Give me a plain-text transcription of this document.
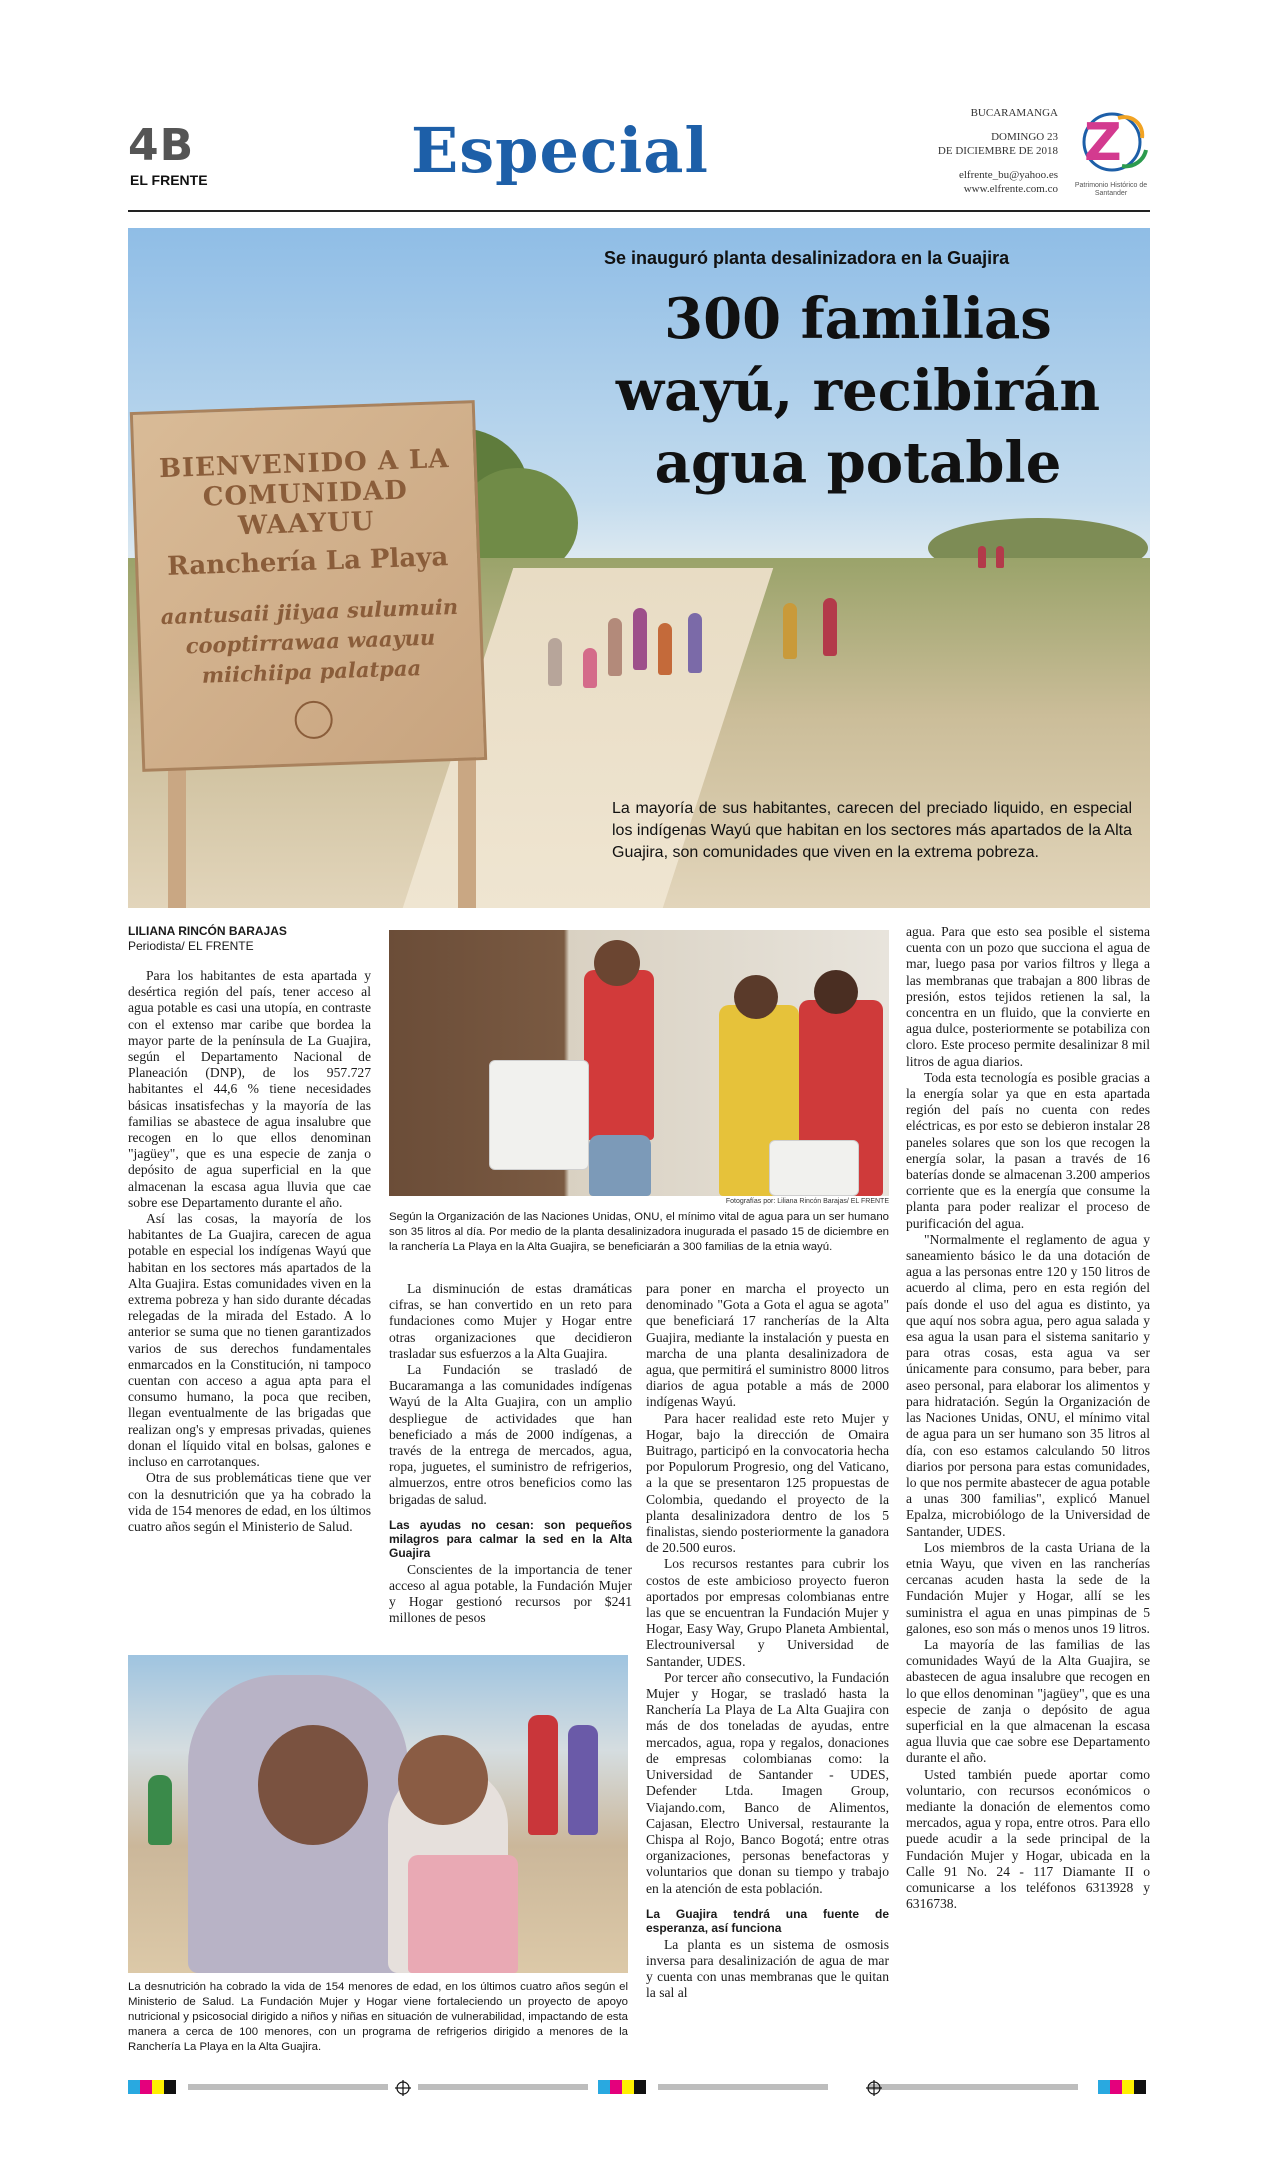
4B
EL FRENTE	Especial
BUCARAMANGA
DOMINGO 23
DE DICIEMBRE DE 2018
elfrente_bu@yahoo.es
www.elfrente.com.co
Z
Patrimonio Histórico de Santander
BIENVENIDO A LA
COMUNIDAD WAAYUU
Ranchería La Playa
aantusaii jiiyaa sulumuin
cooptirrawaa waayuu
miichiipa palatpaa
Se inauguró planta desalinizadora en la Guajira
300 familias
wayú, recibirán
agua potable
La mayoría de sus habitantes, carecen del preciado liquido, en especial los indígenas Wayú que habitan en los sectores más apartados de la Alta Guajira, son comunidades que viven en la extrema pobreza.
LILIANA RINCÓN BARAJAS
Periodista/ EL FRENTE

Para los habitantes de esta apartada y desértica región del país, tener acceso al agua potable es casi una utopía, en contraste con el extenso mar caribe que bordea la mayor parte de la península de La Guajira, según el Departamento Nacional de Planeación (DNP), de los 957.727 habitantes el 44,6 % tiene necesidades básicas insatisfechas y la mayoría de las familias se abastece de agua insalubre que recogen en lo que ellos denominan "jagüey", que es una especie de zanja o depósito de agua superficial en la que almacenan la escasa agua lluvia que cae sobre ese Departamento durante el año.

Así las cosas, la mayoría de los habitantes de La Guajira, carecen de agua potable en especial los indígenas Wayú que habitan en los sectores más apartados de la Alta Guajira. Estas comunidades viven en la extrema pobreza y han sido durante décadas relegadas de la mirada del Estado. A lo anterior se suma que no tienen garantizados varios de sus derechos fundamentales enmarcados en la Constitución, ni tampoco cuentan con acceso a agua apta para el consumo humano, la poca que reciben, llegan eventualmente de las brigadas que realizan ong's y empresas privadas, quienes donan el líquido vital en bolsas, galones e incluso en carrotanques.

Otra de sus problemáticas tiene que ver con la desnutrición que ya ha cobrado la vida de 154 menores de edad, en los últimos cuatro años según el Ministerio de Salud.

Fotografías por: Liliana Rincón Barajas/ EL FRENTE
Según la Organización de las Naciones Unidas, ONU, el mínimo vital de agua para un ser humano son 35 litros al día. Por medio de la planta desalinizadora inugurada el pasado 15 de diciembre en la ranchería La Playa en la Alta Guajira, se beneficiarán a 300 familias de la etnia wayú.

La disminución de estas dramáticas cifras, se han convertido en un reto para fundaciones como Mujer y Hogar entre otras organizaciones que decidieron trasladar sus esfuerzos a la Alta Guajira.

La Fundación se trasladó de Bucaramanga a las comunidades indígenas Wayú de la Alta Guajira, con un amplio despliegue de actividades que han beneficiado a más de 2000 indígenas, a través de la entrega de mercados, agua, ropa, juguetes, el suministro de refrigerios, almuerzos, entre otros beneficios como las brigadas de salud.

Las ayudas no cesan: son pequeños milagros para calmar la sed en la Alta Guajira

Conscientes de la importancia de tener acceso al agua potable, la Fundación Mujer y Hogar gestionó recursos por $241 millones de pesos

para poner en marcha el proyecto un denominado "Gota a Gota el agua se agota" que beneficiará 17 rancherías de la Alta Guajira, mediante la instalación y puesta en marcha de una planta desalinizadora de agua, que permitirá el suministro 8000 litros diarios de agua potable a más de 2000 indígenas Wayú.

Para hacer realidad este reto Mujer y Hogar, bajo la dirección de Omaira Buitrago, participó en la convocatoria hecha por Populorum Progresio, ong del Vaticano, a la que se presentaron 125 propuestas de Colombia, quedando el proyecto de la planta desalinizadora dentro de los 5 finalistas, siendo posteriormente la ganadora de 20.500 euros.

Los recursos restantes para cubrir los costos de este ambicioso proyecto fueron aportados por empresas colombianas entre las que se encuentran la Fundación Mujer y Hogar, Easy Way, Grupo Planeta Ambiental, Electrouniversal y Universidad de Santander, UDES.

Por tercer año consecutivo, la Fundación Mujer y Hogar, se trasladó hasta la Ranchería La Playa de La Alta Guajira con más de dos toneladas de ayudas, entre mercados, agua, ropa y regalos, donaciones de empresas colombianas como: la Universidad de Santander - UDES, Defender Ltda. Imagen Group, Viajando.com, Banco de Alimentos, Cajasan, Electro Universal, restaurante la Chispa al Rojo, Banco Bogotá; entre otras organizaciones, personas benefactoras y voluntarios que donan su tiempo y trabajo en la atención de esta población.

La Guajira tendrá una fuente de esperanza, así funciona

La planta es un sistema de osmosis inversa para desalinización de agua de mar y cuenta con unas membranas que le quitan la sal al

agua. Para que esto sea posible el sistema cuenta con un pozo que succiona el agua de mar, luego pasa por varios filtros y llega a las membranas que trabajan a 800 libras de presión, estos tejidos retienen la sal, la concentra en un fluido, que la convierte en agua dulce, posteriormente se potabiliza con cloro. Este proceso permite desalinizar 8 mil litros de agua diarios.

Toda esta tecnología es posible gracias a la energía solar ya que en esta apartada región del país no cuenta con redes eléctricas, es por esto se debieron instalar 28 paneles solares que son los que recogen la energía solar, la pasan a través de 16 baterías donde se almacenan 3.200 amperios corriente que es la energía que consume la planta para poder realizar el proceso de purificación del agua.

"Normalmente el reglamento de agua y saneamiento básico le da una dotación de agua a las personas entre 120 y 150 litros de acuerdo al clima, pero en esta región del país donde el uso del agua es distinto, ya que aquí nos sobra agua, pero agua salada y esa agua la usan para el sistema sanitario y para otras cosas, esta agua va ser únicamente para consumo, para beber, para aseo personal, para elaborar los alimentos y para hidratación. Según la Organización de las Naciones Unidas, ONU, el mínimo vital de agua para un ser humano son 35 litros al día, con eso estamos calculando 50 litros diarios por persona para estas comunidades, lo que nos permite abastecer de agua potable a unas 300 familias", explicó Manuel Epalza, microbiólogo de la Universidad de Santander, UDES.

Los miembros de la casta Uriana de la etnia Wayu, que viven en las rancherías cercanas acuden hasta la sede de la Fundación Mujer y Hogar, allí se les suministra el agua en unas pimpinas de 5 galones, eso son más o menos unos 19 litros.

La mayoría de las familias de las comunidades Wayú de la Alta Guajira, se abastecen de agua insalubre que recogen en lo que ellos denominan "jagüey", que es una especie de zanja o depósito de agua superficial en la que almacenan la escasa agua lluvia que cae sobre ese Departamento durante el año.

Usted también puede aportar como voluntario, con recursos económicos o mediante la donación de elementos como mercados, agua y ropa, entre otros. Para ello puede acudir a la sede principal de la Fundación Mujer y Hogar, ubicada en la Calle 91 No. 24 - 117 Diamante II o comunicarse a los teléfonos 6313928 y 6316738.

La desnutrición ha cobrado la vida de 154 menores de edad, en los últimos cuatro años según el Ministerio de Salud. La Fundación Mujer y Hogar viene fortaleciendo un proyecto de apoyo nutricional y psicosocial dirigido a niños y niñas en situación de vulnerabilidad, impactando de esta manera a cerca de 100 menores, con un programa de refrigerios dirigido a menores de la Ranchería La Playa en la Alta Guajira.
